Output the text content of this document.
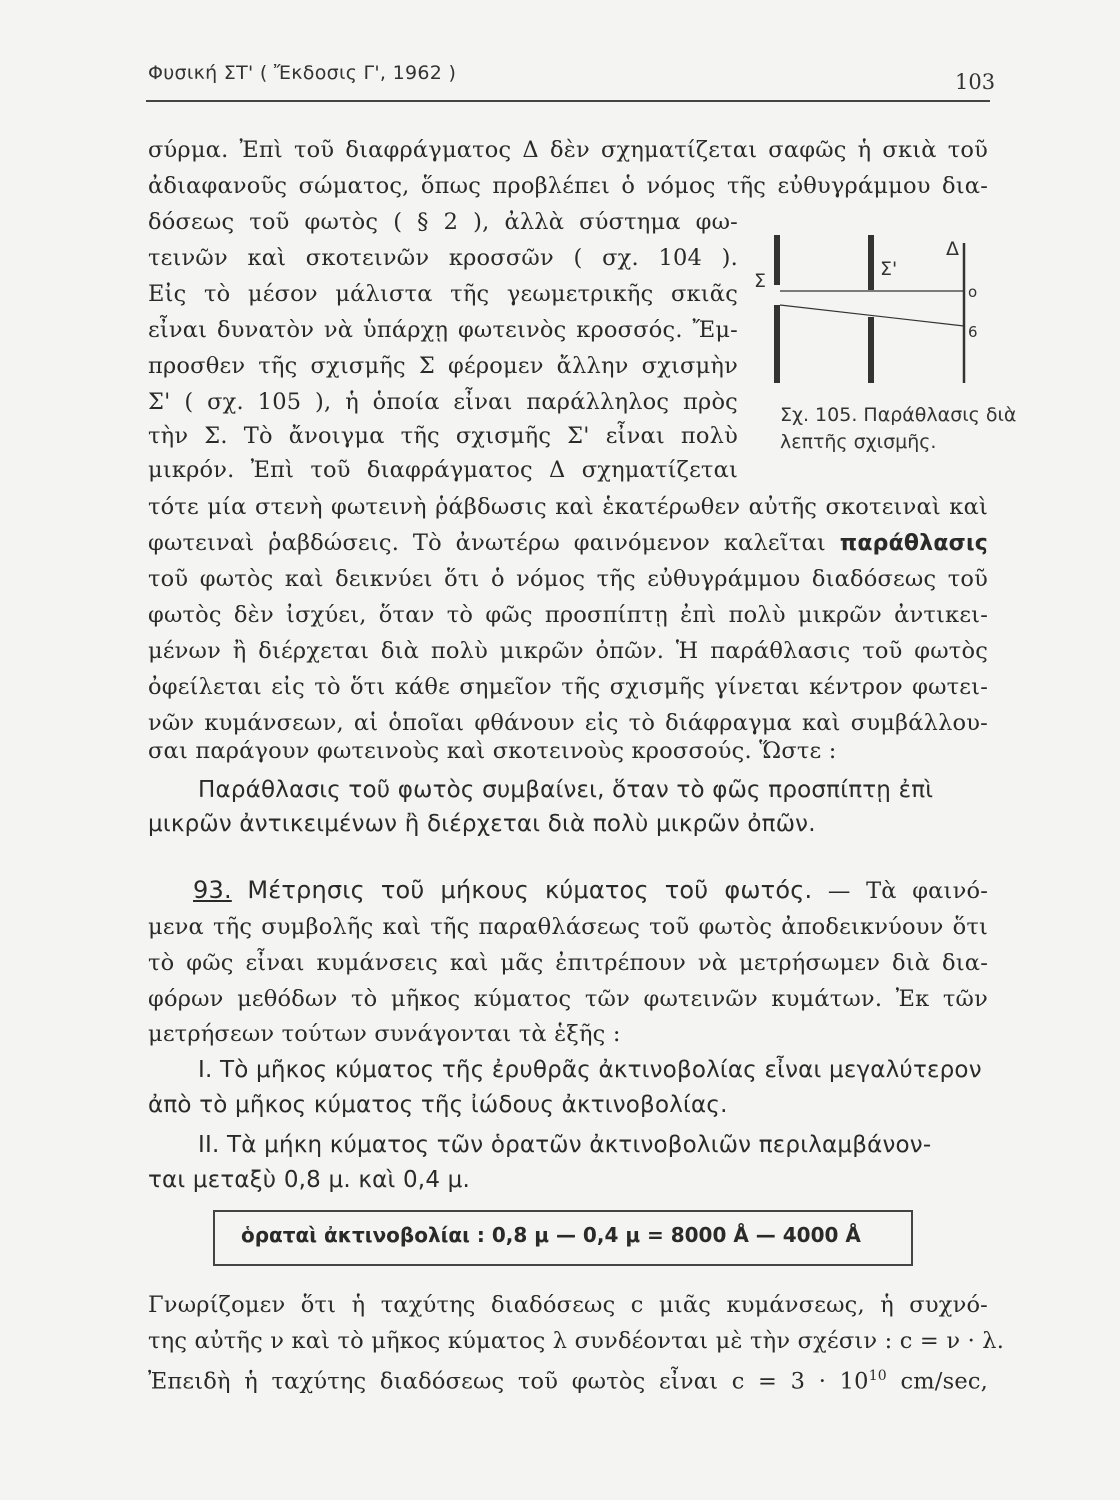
Φυσική ΣΤ' ( Ἔκδοσις Γ', 1962 )	103
σύρμα. Ἐπὶ τοῦ διαφράγματος Δ δὲν σχηματίζεται σαφῶς ἡ σκιὰ τοῦ
ἀδιαφανοῦς σώματος, ὅπως προβλέπει ὁ νόμος τῆς εὐθυγράμμου δια-
δόσεως τοῦ φωτὸς ( § 2 ), ἀλλὰ σύστημα φω-
τεινῶν καὶ σκοτεινῶν κροσσῶν ( σχ. 104 ).
Εἰς τὸ μέσον μάλιστα τῆς γεωμετρικῆς σκιᾶς
εἶναι δυνατὸν νὰ ὑπάρχῃ φωτεινὸς κροσσός. Ἔμ-
προσθεν τῆς σχισμῆς Σ φέρομεν ἄλλην σχισμὴν
Σ' ( σχ. 105 ), ἡ ὁποία εἶναι παράλληλος πρὸς
τὴν Σ. Τὸ ἄνοιγμα τῆς σχισμῆς Σ' εἶναι πολὺ
μικρόν. Ἐπὶ τοῦ διαφράγματος Δ σχηματίζεται
τότε μία στενὴ φωτεινὴ ῥάβδωσις καὶ ἑκατέρωθεν αὐτῆς σκοτειναὶ καὶ
φωτειναὶ ῥαβδώσεις. Τὸ ἀνωτέρω φαινόμενον καλεῖται παράθλασις
τοῦ φωτὸς καὶ δεικνύει ὅτι ὁ νόμος τῆς εὐθυγράμμου διαδόσεως τοῦ
φωτὸς δὲν ἰσχύει, ὅταν τὸ φῶς προσπίπτῃ ἐπὶ πολὺ μικρῶν ἀντικει-
μένων ἢ διέρχεται διὰ πολὺ μικρῶν ὀπῶν. Ἡ παράθλασις τοῦ φωτὸς
ὀφείλεται εἰς τὸ ὅτι κάθε σημεῖον τῆς σχισμῆς γίνεται κέντρον φωτει-
νῶν κυμάνσεων, αἱ ὁποῖαι φθάνουν εἰς τὸ διάφραγμα καὶ συμβάλλου-
σαι παράγουν φωτεινοὺς καὶ σκοτεινοὺς κροσσούς. Ὥστε :
Σ
Σ'
Δ
o
6
Σχ. 105. Παράθλασις διὰ
λεπτῆς σχισμῆς.
Παράθλασις τοῦ φωτὸς συμβαίνει, ὅταν τὸ φῶς προσπίπτῃ ἐπὶ
μικρῶν ἀντικειμένων ἢ διέρχεται διὰ πολὺ μικρῶν ὀπῶν.
93. Μέτρησις τοῦ μήκους κύματος τοῦ φωτός. — Τὰ φαινό-
μενα τῆς συμβολῆς καὶ τῆς παραθλάσεως τοῦ φωτὸς ἀποδεικνύουν ὅτι
τὸ φῶς εἶναι κυμάνσεις καὶ μᾶς ἐπιτρέπουν νὰ μετρήσωμεν διὰ δια-
φόρων μεθόδων τὸ μῆκος κύματος τῶν φωτεινῶν κυμάτων. Ἐκ τῶν
μετρήσεων τούτων συνάγονται τὰ ἑξῆς :
I. Τὸ μῆκος κύματος τῆς ἐρυθρᾶς ἀκτινοβολίας εἶναι μεγαλύτερον
ἀπὸ τὸ μῆκος κύματος τῆς ἰώδους ἀκτινοβολίας.
II. Τὰ μήκη κύματος τῶν ὁρατῶν ἀκτινοβολιῶν περιλαμβάνον-
ται μεταξὺ 0,8 μ. καὶ 0,4 μ.
ὁραταὶ ἀκτινοβολίαι : 0,8 μ — 0,4 μ = 8000 Å — 4000 Å
Γνωρίζομεν ὅτι ἡ ταχύτης διαδόσεως c μιᾶς κυμάνσεως, ἡ συχνό-
της αὐτῆς ν καὶ τὸ μῆκος κύματος λ συνδέονται μὲ τὴν σχέσιν : c = ν · λ.
Ἐπειδὴ ἡ ταχύτης διαδόσεως τοῦ φωτὸς εἶναι $c = 3 \cdot 10^{10}$ cm/sec,
